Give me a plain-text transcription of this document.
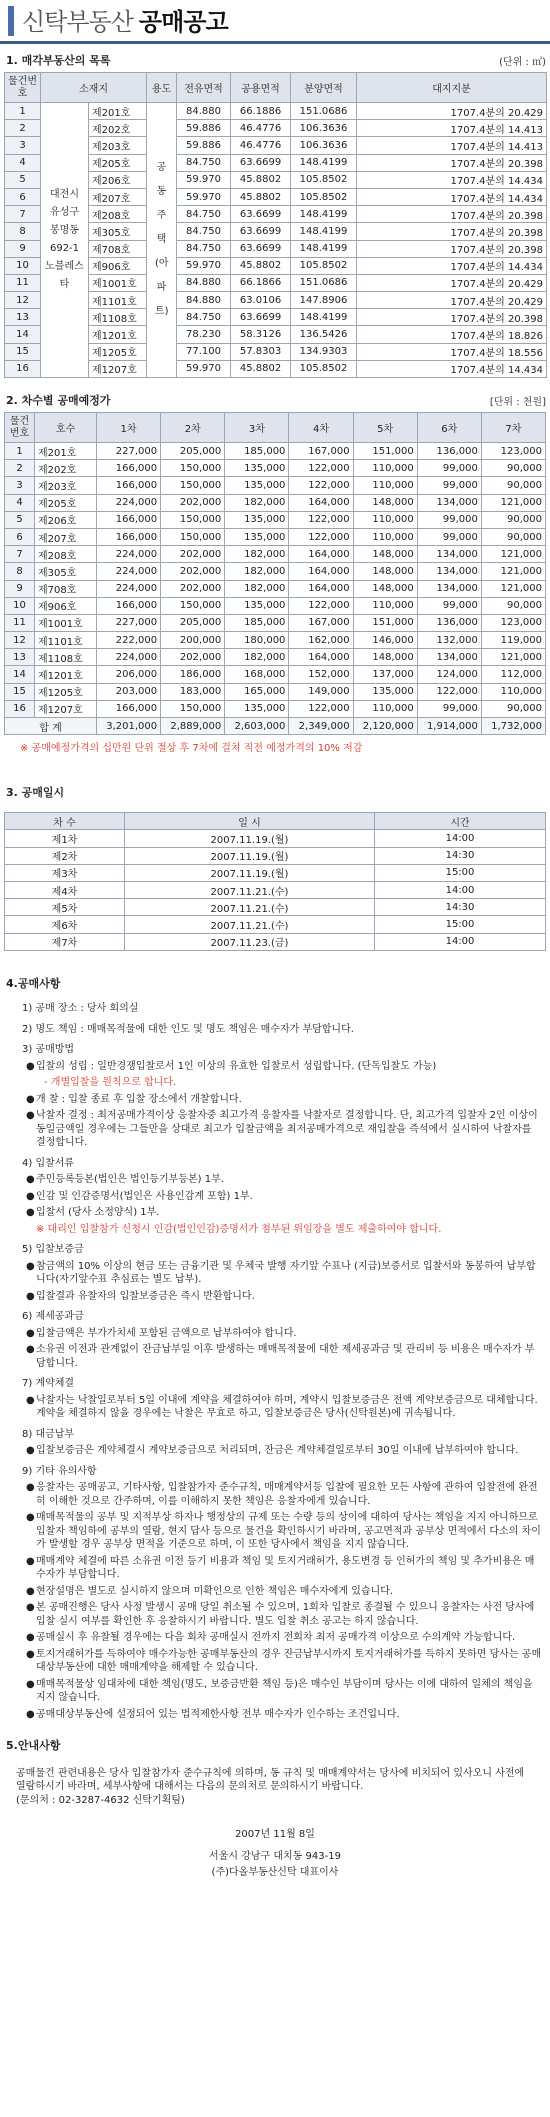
신탁부동산 공매공고
1. 매각부동산의 목록	(단위 : ㎡)
물건번호	소재지		용도	전유면적	공용면적	분양면적	대지지분
1	대전시 유성구 봉명동 692-1 노블레스타	제201호	공동주택(아파트)	84.880	66.1886	151.0686	1707.4분의 20.429
2		제202호		59.886	46.4776	106.3636	1707.4분의 14.413
3		제203호		59.886	46.4776	106.3636	1707.4분의 14.413
4		제205호		84.750	63.6699	148.4199	1707.4분의 20.398
5		제206호		59.970	45.8802	105.8502	1707.4분의 14.434
6		제207호		59.970	45.8802	105.8502	1707.4분의 14.434
7		제208호		84.750	63.6699	148.4199	1707.4분의 20.398
8		제305호		84.750	63.6699	148.4199	1707.4분의 20.398
9		제708호		84.750	63.6699	148.4199	1707.4분의 20.398
10		제906호		59.970	45.8802	105.8502	1707.4분의 14.434
11		제1001호		84.880	66.1866	151.0686	1707.4분의 20.429
12		제1101호		84.880	63.0106	147.8906	1707.4분의 20.429
13		제1108호		84.750	63.6699	148.4199	1707.4분의 20.398
14		제1201호		78.230	58.3126	136.5426	1707.4분의 18.826
15		제1205호		77.100	57.8303	134.9303	1707.4분의 18.556
16		제1207호		59.970	45.8802	105.8502	1707.4분의 14.434
2. 차수별 공매예정가	[단위 : 천원]
물건번호	호수	1차	2차	3차	4차	5차	6차	7차
1	제201호	227,000	205,000	185,000	167,000	151,000	136,000	123,000
2	제202호	166,000	150,000	135,000	122,000	110,000	99,000	90,000
3	제203호	166,000	150,000	135,000	122,000	110,000	99,000	90,000
4	제205호	224,000	202,000	182,000	164,000	148,000	134,000	121,000
5	제206호	166,000	150,000	135,000	122,000	110,000	99,000	90,000
6	제207호	166,000	150,000	135,000	122,000	110,000	99,000	90,000
7	제208호	224,000	202,000	182,000	164,000	148,000	134,000	121,000
8	제305호	224,000	202,000	182,000	164,000	148,000	134,000	121,000
9	제708호	224,000	202,000	182,000	164,000	148,000	134,000	121,000
10	제906호	166,000	150,000	135,000	122,000	110,000	99,000	90,000
11	제1001호	227,000	205,000	185,000	167,000	151,000	136,000	123,000
12	제1101호	222,000	200,000	180,000	162,000	146,000	132,000	119,000
13	제1108호	224,000	202,000	182,000	164,000	148,000	134,000	121,000
14	제1201호	206,000	186,000	168,000	152,000	137,000	124,000	112,000
15	제1205호	203,000	183,000	165,000	149,000	135,000	122,000	110,000
16	제1207호	166,000	150,000	135,000	122,000	110,000	99,000	90,000
합 계		3,201,000	2,889,000	2,603,000	2,349,000	2,120,000	1,914,000	1,732,000
※ 공매예정가격의 십만원 단위 절상 후 7차에 걸쳐 직전 예정가격의 10% 저감
3. 공매일시
차 수	일 시	시간
제1차	2007.11.19.(월)	14:00
제2차	2007.11.19.(월)	14:30
제3차	2007.11.19.(월)	15:00
제4차	2007.11.21.(수)	14:00
제5차	2007.11.21.(수)	14:30
제6차	2007.11.21.(수)	15:00
제7차	2007.11.23.(금)	14:00
4.공매사항
1) 공매 장소 : 당사 회의실
2) 명도 책임 : 매매목적물에 대한 인도 및 명도 책임은 매수자가 부담합니다.
3) 공매방법
● 입찰의 성립 : 일반경쟁입찰로서 1인 이상의 유효한 입찰로서 성립합니다. (단독입찰도 가능)
- 개별입찰을 원칙으로 합니다.
● 개 찰 : 입찰 종료 후 입찰 장소에서 개찰합니다.
● 낙찰자 결정 : 최저공매가격이상 응찰자중 최고가격 응찰자를 낙찰자로 결정합니다. 단, 최고가격 입찰자 2인 이상이 동일금액일 경우에는 그들만을 상대로 최고가 입찰금액을 최저공매가격으로 재입찰을 즉석에서 실시하여 낙찰자를 결정합니다.
4) 입찰서류
● 주민등록등본(법인은 법인등기부등본) 1부.
● 인감 및 인감증명서(법인은 사용인감계 포함) 1부.
● 입찰서 (당사 소정양식) 1부.
※ 대리인 입찰참가 신청시 인감(법인인감)증명서가 첨부된 위임장을 별도 제출하여야 합니다.
5) 입찰보증금
● 참금액의 10% 이상의 현금 또는 금융기관 및 우체국 발행 자기앞 수표나 (지급)보증서로 입찰서와 동봉하여 납부합니다(자기앞수표 추심료는 별도 납부).
● 입찰결과 유찰자의 입찰보증금은 즉시 반환합니다.
6) 제세공과금
● 입찰금액은 부가가치세 포함된 금액으로 납부하여야 합니다.
● 소유권 이전과 관계없이 잔금납부일 이후 발생하는 매매목적물에 대한 제세공과금 및 관리비 등 비용은 매수자가 부담합니다.
7) 계약체결
● 낙찰자는 낙찰일로부터 5일 이내에 계약을 체결하여야 하며, 계약시 입찰보증금은 전액 계약보증금으로 대체합니다. 계약을 체결하지 않을 경우에는 낙찰은 무효로 하고, 입찰보증금은 당사(신탁원본)에 귀속됩니다.
8) 대금납부
● 입찰보증금은 계약체결시 계약보증금으로 처리되며, 잔금은 계약체결일로부터 30일 이내에 납부하여야 합니다.
9) 기타 유의사항
● 응찰자는 공매공고, 기타사항, 입찰참가자 준수규칙, 매매계약서등 입찰에 필요한 모든 사항에 관하여 입찰전에 완전히 이해한 것으로 간주하며, 이를 이해하지 못한 책임은 응찰자에게 있습니다.
● 매매목적물의 공부 및 지적부상 하자나 행정상의 규제 또는 수량 등의 상이에 대하여 당사는 책임을 지지 아니하므로 입찰자 책임하에 공부의 열람, 현지 답사 등으로 물건을 확인하시기 바라며, 공고면적과 공부상 면적에서 다소의 차이가 발생할 경우 공부상 면적을 기준으로 하며, 이 또한 당사에서 책임을 지지 않습니다.
● 매매계약 체결에 따른 소유권 이전 등기 비용과 책임 및 토지거래허가, 용도변경 등 인허가의 책임 및 추가비용은 매수자가 부담합니다.
● 현장설명은 별도로 실시하지 않으며 미확인으로 인한 책임은 매수자에게 있습니다.
● 본 공매진행은 당사 사정 발생시 공매 당일 취소될 수 있으며, 1회차 입찰로 종결될 수 있으니 응찰자는 사전 당사에 입찰 실시 여부를 확인한 후 응찰하시기 바랍니다. 별도 입찰 취소 공고는 하지 않습니다.
● 공매실시 후 유찰될 경우에는 다음 회차 공매실시 전까지 전회차 최저 공매가격 이상으로 수의계약 가능합니다.
● 토지거래허가를 득하여야 매수가능한 공매부동산의 경우 잔금납부시까지 토지거래허가를 득하지 못하면 당사는 공매대상부동산에 대한 매매계약을 해제할 수 있습니다.
● 매매목적물상 임대차에 대한 책임(명도, 보증금반환 책임 등)은 매수인 부담이며 당사는 이에 대하여 일체의 책임을 지지 않습니다.
● 공매대상부동산에 설정되어 있는 법적제한사항 전부 매수자가 인수하는 조건입니다.
5.안내사항
공매물건 관련내용은 당사 입찰참가자 준수규칙에 의하며, 동 규칙 및 매매계약서는 당사에 비치되어 있사오니 사전에 열람하시기 바라며, 세부사항에 대해서는 다음의 문의처로 문의하시기 바랍니다.
(문의처 : 02-3287-4632 신탁기획팀)
2007년 11월 8일
서울시 강남구 대치동 943-19
(주)다올부동산신탁 대표이사
